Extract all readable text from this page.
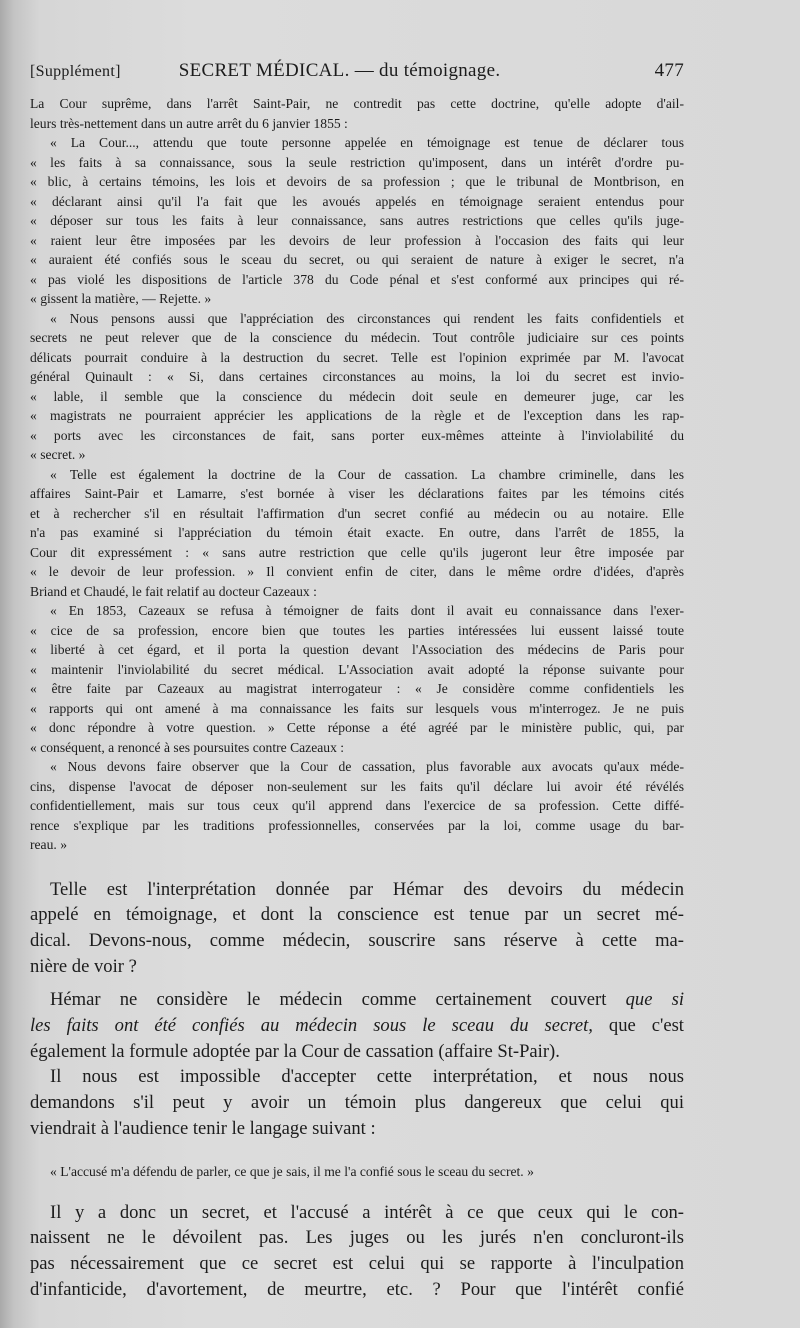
[Supplément]	SECRET MÉDICAL. — du témoignage.	477
La Cour suprême, dans l'arrêt Saint-Pair, ne contredit pas cette doctrine, qu'elle adopte d'ail-
leurs très-nettement dans un autre arrêt du 6 janvier 1855 :
« La Cour..., attendu que toute personne appelée en témoignage est tenue de déclarer tous
« les faits à sa connaissance, sous la seule restriction qu'imposent, dans un intérêt d'ordre pu-
« blic, à certains témoins, les lois et devoirs de sa profession ; que le tribunal de Montbrison, en
« déclarant ainsi qu'il l'a fait que les avoués appelés en témoignage seraient entendus pour
« déposer sur tous les faits à leur connaissance, sans autres restrictions que celles qu'ils juge-
« raient leur être imposées par les devoirs de leur profession à l'occasion des faits qui leur
« auraient été confiés sous le sceau du secret, ou qui seraient de nature à exiger le secret, n'a
« pas violé les dispositions de l'article 378 du Code pénal et s'est conformé aux principes qui ré-
« gissent la matière, — Rejette. »
« Nous pensons aussi que l'appréciation des circonstances qui rendent les faits confidentiels et
secrets ne peut relever que de la conscience du médecin. Tout contrôle judiciaire sur ces points
délicats pourrait conduire à la destruction du secret. Telle est l'opinion exprimée par M. l'avocat
général Quinault : « Si, dans certaines circonstances au moins, la loi du secret est invio-
« lable, il semble que la conscience du médecin doit seule en demeurer juge, car les
« magistrats ne pourraient apprécier les applications de la règle et de l'exception dans les rap-
« ports avec les circonstances de fait, sans porter eux-mêmes atteinte à l'inviolabilité du
« secret. »
« Telle est également la doctrine de la Cour de cassation. La chambre criminelle, dans les
affaires Saint-Pair et Lamarre, s'est bornée à viser les déclarations faites par les témoins cités
et à rechercher s'il en résultait l'affirmation d'un secret confié au médecin ou au notaire. Elle
n'a pas examiné si l'appréciation du témoin était exacte. En outre, dans l'arrêt de 1855, la
Cour dit expressément : « sans autre restriction que celle qu'ils jugeront leur être imposée par
« le devoir de leur profession. » Il convient enfin de citer, dans le même ordre d'idées, d'après
Briand et Chaudé, le fait relatif au docteur Cazeaux :
« En 1853, Cazeaux se refusa à témoigner de faits dont il avait eu connaissance dans l'exer-
« cice de sa profession, encore bien que toutes les parties intéressées lui eussent laissé toute
« liberté à cet égard, et il porta la question devant l'Association des médecins de Paris pour
« maintenir l'inviolabilité du secret médical. L'Association avait adopté la réponse suivante pour
« être faite par Cazeaux au magistrat interrogateur : « Je considère comme confidentiels les
« rapports qui ont amené à ma connaissance les faits sur lesquels vous m'interrogez. Je ne puis
« donc répondre à votre question. » Cette réponse a été agréé par le ministère public, qui, par
« conséquent, a renoncé à ses poursuites contre Cazeaux :
« Nous devons faire observer que la Cour de cassation, plus favorable aux avocats qu'aux méde-
cins, dispense l'avocat de déposer non-seulement sur les faits qu'il déclare lui avoir été révélés
confidentiellement, mais sur tous ceux qu'il apprend dans l'exercice de sa profession. Cette diffé-
rence s'explique par les traditions professionnelles, conservées par la loi, comme usage du bar-
reau. »
Telle est l'interprétation donnée par Hémar des devoirs du médecin
appelé en témoignage, et dont la conscience est tenue par un secret mé-
dical. Devons-nous, comme médecin, souscrire sans réserve à cette ma-
nière de voir ?
Hémar ne considère le médecin comme certainement couvert que si
les faits ont été confiés au médecin sous le sceau du secret, que c'est
également la formule adoptée par la Cour de cassation (affaire St-Pair).
Il nous est impossible d'accepter cette interprétation, et nous nous
demandons s'il peut y avoir un témoin plus dangereux que celui qui
viendrait à l'audience tenir le langage suivant :
« L'accusé m'a défendu de parler, ce que je sais, il me l'a confié sous le sceau du secret. »
Il y a donc un secret, et l'accusé a intérêt à ce que ceux qui le con-
naissent ne le dévoilent pas. Les juges ou les jurés n'en concluront-ils
pas nécessairement que ce secret est celui qui se rapporte à l'inculpation
d'infanticide, d'avortement, de meurtre, etc. ? Pour que l'intérêt confié
